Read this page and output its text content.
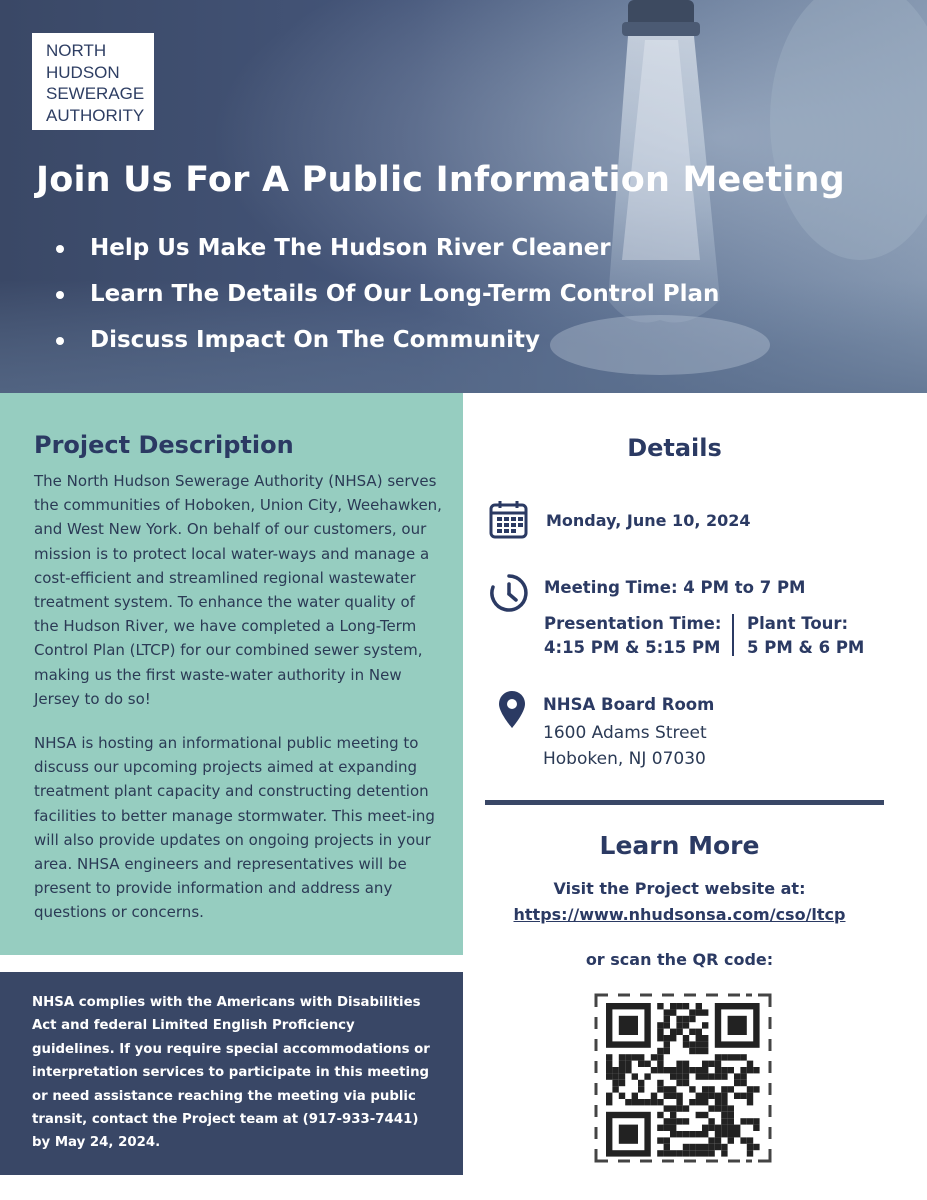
NORTH
HUDSON
SEWERAGE
AUTHORITY
Join Us For A Public Information Meeting
Help Us Make The Hudson River Cleaner
Learn The Details Of Our Long-Term Control Plan
Discuss Impact On The Community
Project Description

The North Hudson Sewerage Authority (NHSA) serves the communities of Hoboken, Union City, Weehawken, and West New York. On behalf of our customers, our mission is to protect local water-ways and manage a cost-efficient and streamlined regional wastewater treatment system. To enhance the water quality of the Hudson River, we have completed a Long-Term Control Plan (LTCP) for our combined sewer system, making us the first waste-water authority in New Jersey to do so!

NHSA is hosting an informational public meeting to discuss our upcoming projects aimed at expanding treatment plant capacity and constructing detention facilities to better manage stormwater. This meet-ing will also provide updates on ongoing projects in your area. NHSA engineers and representatives will be present to provide information and address any questions or concerns.

NHSA complies with the Americans with Disabilities Act and federal Limited English Proficiency guidelines. If you require special accommodations or interpretation services to participate in this meeting or need assistance reaching the meeting via public transit, contact the Project team at (917-933-7441) by May 24, 2024.

Details
Monday, June 10, 2024
Meeting Time: 4 PM to 7 PM
Presentation Time:
4:15 PM & 5:15 PM
Plant Tour:
5 PM & 6 PM
NHSA Board Room
1600 Adams Street
Hoboken, NJ 07030
Learn More
Visit the Project website at:
https://www.nhudsonsa.com/cso/ltcp
or scan the QR code:
